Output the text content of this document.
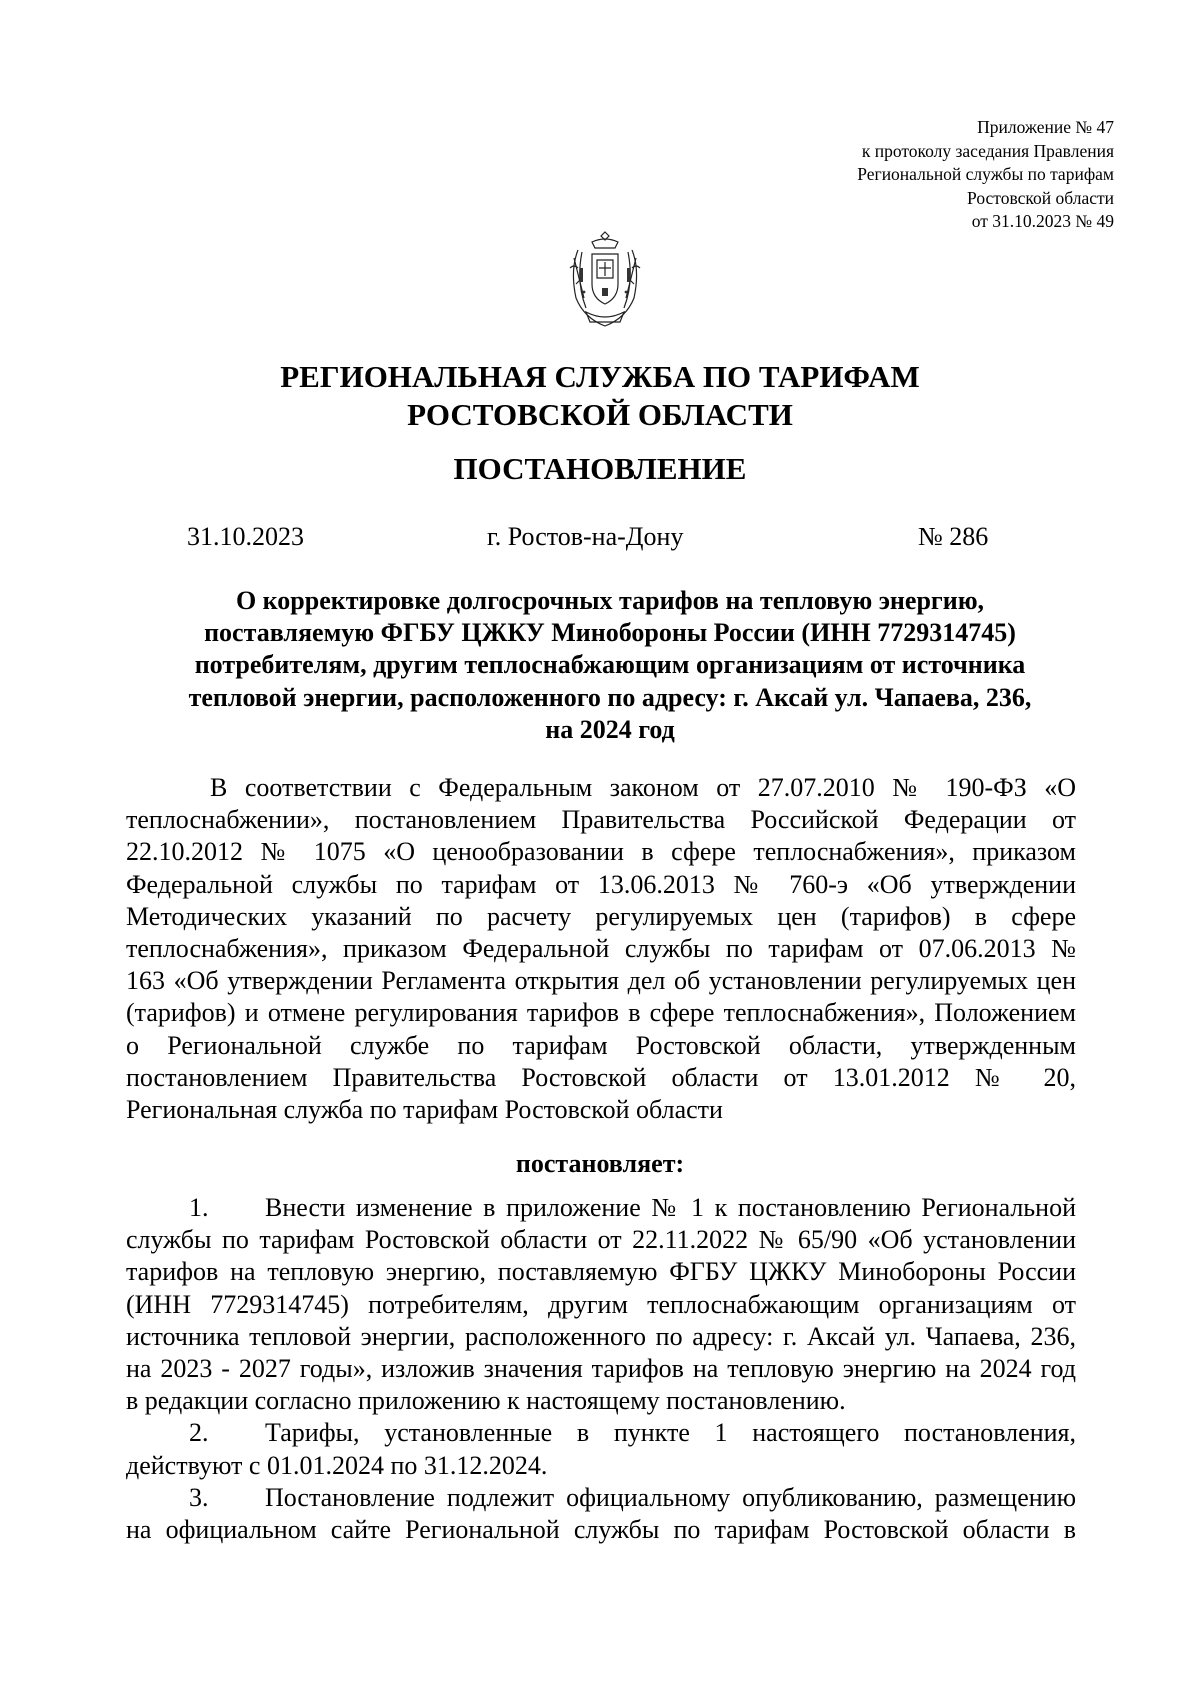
Приложение № 47
к протоколу заседания Правления
Региональной службы по тарифам
Ростовской области
от 31.10.2023 № 49
РЕГИОНАЛЬНАЯ СЛУЖБА ПО ТАРИФАМ
РОСТОВСКОЙ ОБЛАСТИ
ПОСТАНОВЛЕНИЕ
31.10.2023	г. Ростов-на-Дону	№ 286
О корректировке долгосрочных тарифов на тепловую энергию,
поставляемую ФГБУ ЦЖКУ Минобороны России (ИНН 7729314745)
потребителям, другим теплоснабжающим организациям от источника
тепловой энергии, расположенного по адресу: г. Аксай ул. Чапаева, 236,
на 2024 год
В соответствии с Федеральным законом от 27.07.2010 № 190-ФЗ «О
теплоснабжении», постановлением Правительства Российской Федерации от
22.10.2012 № 1075 «О ценообразовании в сфере теплоснабжения», приказом
Федеральной службы по тарифам от 13.06.2013 № 760-э «Об утверждении
Методических указаний по расчету регулируемых цен (тарифов) в сфере
теплоснабжения», приказом Федеральной службы по тарифам от 07.06.2013 №
163 «Об утверждении Регламента открытия дел об установлении регулируемых цен
(тарифов) и отмене регулирования тарифов в сфере теплоснабжения», Положением
о Региональной службе по тарифам Ростовской области, утвержденным
постановлением Правительства Ростовской области от 13.01.2012 № 20,
Региональная служба по тарифам Ростовской области
постановляет:
1.	Внести изменение в приложение № 1 к постановлению Региональной
службы по тарифам Ростовской области от 22.11.2022 № 65/90 «Об установлении
тарифов на тепловую энергию, поставляемую ФГБУ ЦЖКУ Минобороны России
(ИНН 7729314745) потребителям, другим теплоснабжающим организациям от
источника тепловой энергии, расположенного по адресу: г. Аксай ул. Чапаева, 236,
на 2023 - 2027 годы», изложив значения тарифов на тепловую энергию на 2024 год
в редакции согласно приложению к настоящему постановлению.
2.	Тарифы, установленные в пункте 1 настоящего постановления,
действуют с 01.01.2024 по 31.12.2024.
3.	Постановление подлежит официальному опубликованию, размещению
на официальном сайте Региональной службы по тарифам Ростовской области в
